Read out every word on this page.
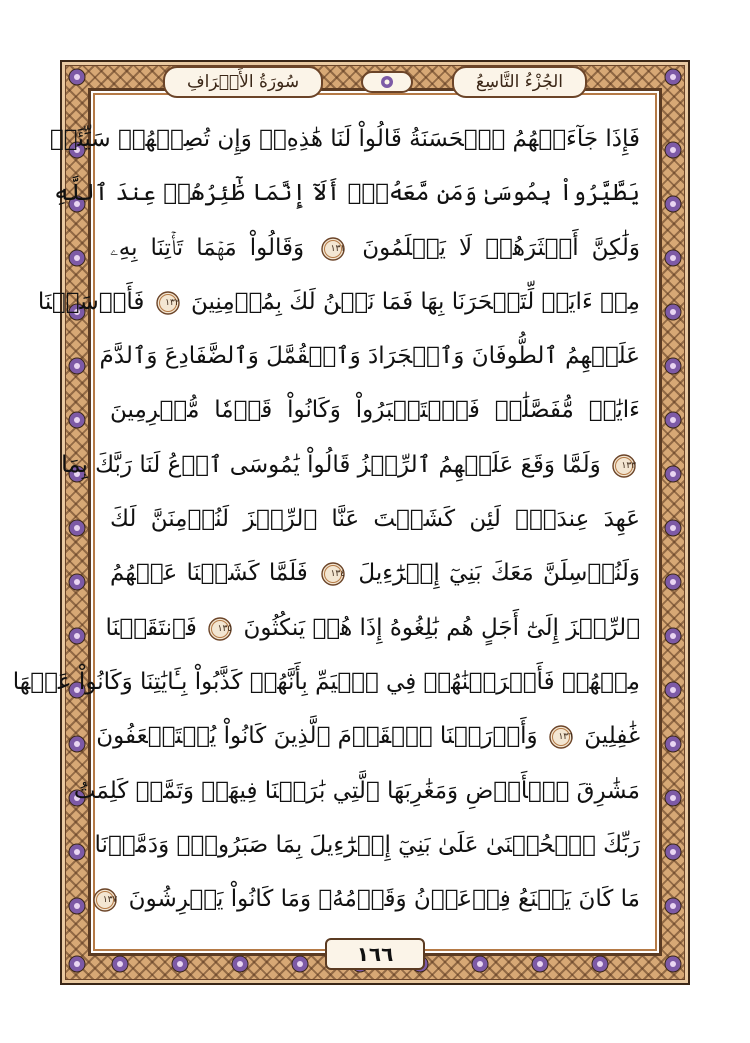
سُورَةُ الأَعۡرَافِ	الجُزْءُ التَّاسِعُ
فَإِذَا جَآءَتۡهُمُ ٱلۡحَسَنَةُ قَالُواْ لَنَا هَٰذِهِۦۖ وَإِن تُصِبۡهُمۡ سَيِّئَةٞ
يَطَّيَّرُواْ بِمُوسَىٰ وَمَن مَّعَهُۥٓۗ أَلَآ إِنَّمَا طَٰٓئِرُهُمۡ عِندَ ٱللَّهِ
وَلَٰكِنَّ أَكۡثَرَهُمۡ لَا يَعۡلَمُونَ
١٣١
وَقَالُواْ مَهۡمَا تَأۡتِنَا بِهِۦ
مِنۡ ءَايَةٖ لِّتَسۡحَرَنَا بِهَا فَمَا نَحۡنُ لَكَ بِمُؤۡمِنِينَ
١٣٢
فَأَرۡسَلۡنَا
عَلَيۡهِمُ ٱلطُّوفَانَ وَٱلۡجَرَادَ وَٱلۡقُمَّلَ وَٱلضَّفَادِعَ وَٱلدَّمَ
ءَايَٰتٖ مُّفَصَّلَٰتٖ فَٱسۡتَكۡبَرُواْ وَكَانُواْ قَوۡمٗا مُّجۡرِمِينَ
١٣٣
وَلَمَّا وَقَعَ عَلَيۡهِمُ ٱلرِّجۡزُ قَالُواْ يَٰمُوسَى ٱدۡعُ لَنَا رَبَّكَ بِمَا
عَهِدَ عِندَكَۖ لَئِن كَشَفۡتَ عَنَّا ٱلرِّجۡزَ لَنُؤۡمِنَنَّ لَكَ
وَلَنُرۡسِلَنَّ مَعَكَ بَنِيٓ إِسۡرَٰٓءِيلَ
١٣٤
فَلَمَّا كَشَفۡنَا عَنۡهُمُ
ٱلرِّجۡزَ إِلَىٰٓ أَجَلٍ هُم بَٰلِغُوهُ إِذَا هُمۡ يَنكُثُونَ
١٣٥
فَٱنتَقَمۡنَا
مِنۡهُمۡ فَأَغۡرَقۡنَٰهُمۡ فِي ٱلۡيَمِّ بِأَنَّهُمۡ كَذَّبُواْ بِـَٔايَٰتِنَا وَكَانُواْ عَنۡهَا
غَٰفِلِينَ
١٣٦
وَأَوۡرَثۡنَا ٱلۡقَوۡمَ ٱلَّذِينَ كَانُواْ يُسۡتَضۡعَفُونَ
مَشَٰرِقَ ٱلۡأَرۡضِ وَمَغَٰرِبَهَا ٱلَّتِي بَٰرَكۡنَا فِيهَاۖ وَتَمَّتۡ كَلِمَتُ
رَبِّكَ ٱلۡحُسۡنَىٰ عَلَىٰ بَنِيٓ إِسۡرَٰٓءِيلَ بِمَا صَبَرُواْۖ وَدَمَّرۡنَا
مَا كَانَ يَصۡنَعُ فِرۡعَوۡنُ وَقَوۡمُهُۥ وَمَا كَانُواْ يَعۡرِشُونَ
١٣٧
١٦٦
